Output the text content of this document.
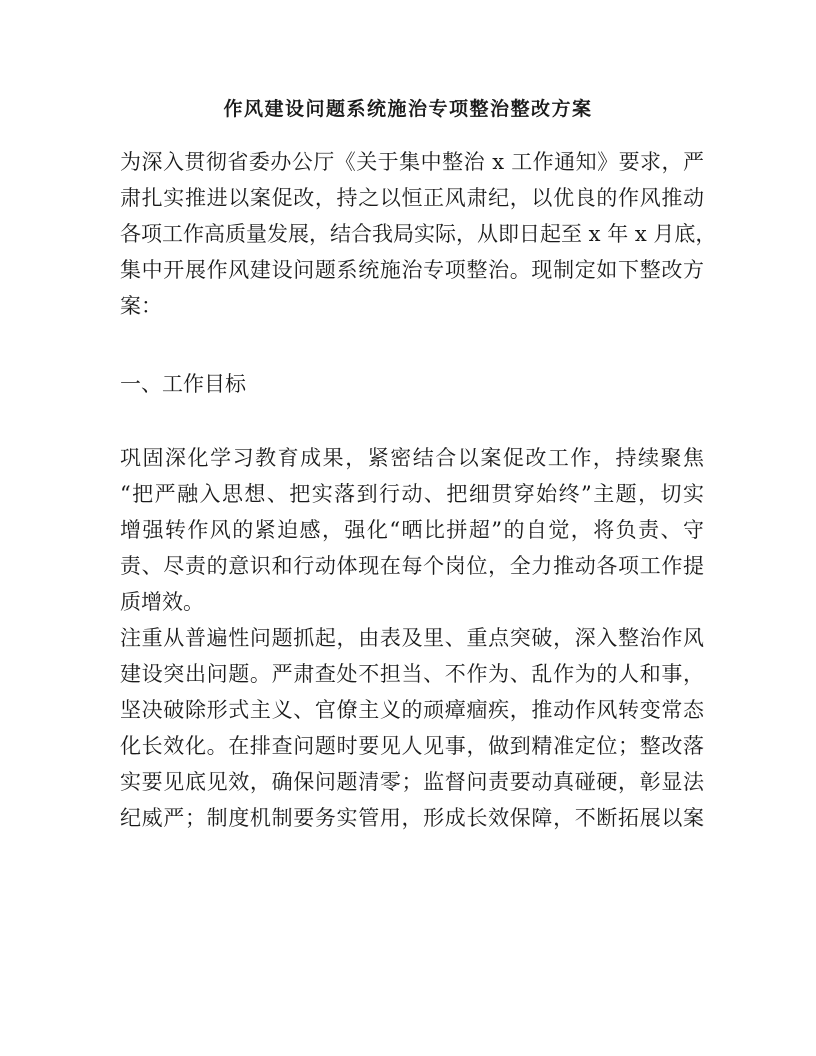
作风建设问题系统施治专项整治整改方案
为深入贯彻省委办公厅《关于集中整治 x 工作通知》要求，严
肃扎实推进以案促改，持之以恒正风肃纪，以优良的作风推动
各项工作高质量发展，结合我局实际，从即日起至 x 年 x 月底，
集中开展作风建设问题系统施治专项整治。现制定如下整改方
案：
一、工作目标
巩固深化学习教育成果，紧密结合以案促改工作，持续聚焦
“把严融入思想、把实落到行动、把细贯穿始终”主题，切实
增强转作风的紧迫感，强化“晒比拼超”的自觉，将负责、守
责、尽责的意识和行动体现在每个岗位，全力推动各项工作提
质增效。
注重从普遍性问题抓起，由表及里、重点突破，深入整治作风
建设突出问题。严肃查处不担当、不作为、乱作为的人和事，
坚决破除形式主义、官僚主义的顽瘴痼疾，推动作风转变常态
化长效化。在排查问题时要见人见事，做到精准定位；整改落
实要见底见效，确保问题清零；监督问责要动真碰硬，彰显法
纪威严；制度机制要务实管用，形成长效保障，不断拓展以案
